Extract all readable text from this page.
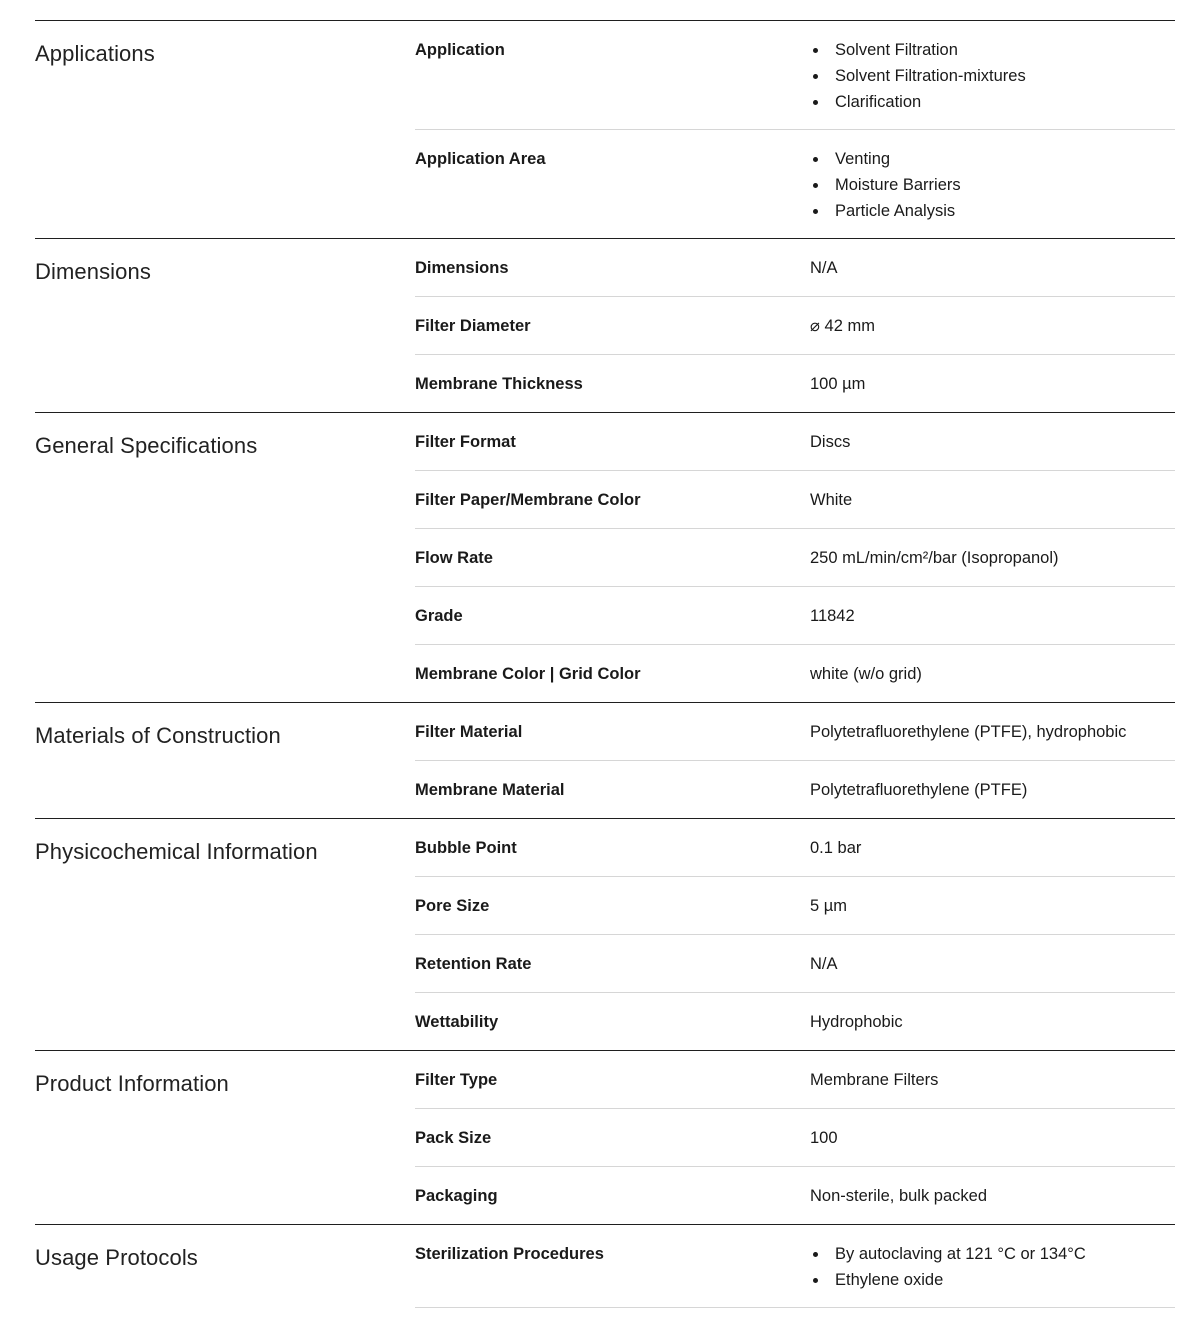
Applications	Application	Solvent Filtration
Solvent Filtration-mixtures
Clarification
Application Area	Venting
Moisture Barriers
Particle Analysis
Dimensions	Dimensions	N/A
Filter Diameter	⌀ 42 mm
Membrane Thickness	100 µm
General Specifications	Filter Format	Discs
Filter Paper/Membrane Color	White
Flow Rate	250 mL/min/cm²/bar (Isopropanol)
Grade	11842
Membrane Color | Grid Color	white (w/o grid)
Materials of Construction	Filter Material	Polytetrafluorethylene (PTFE), hydrophobic
Membrane Material	Polytetrafluorethylene (PTFE)
Physicochemical Information	Bubble Point	0.1 bar
Pore Size	5 µm
Retention Rate	N/A
Wettability	Hydrophobic
Product Information	Filter Type	Membrane Filters
Pack Size	100
Packaging	Non-sterile, bulk packed
Usage Protocols	Sterilization Procedures	By autoclaving at 121 °C or 134°C
Ethylene oxide
